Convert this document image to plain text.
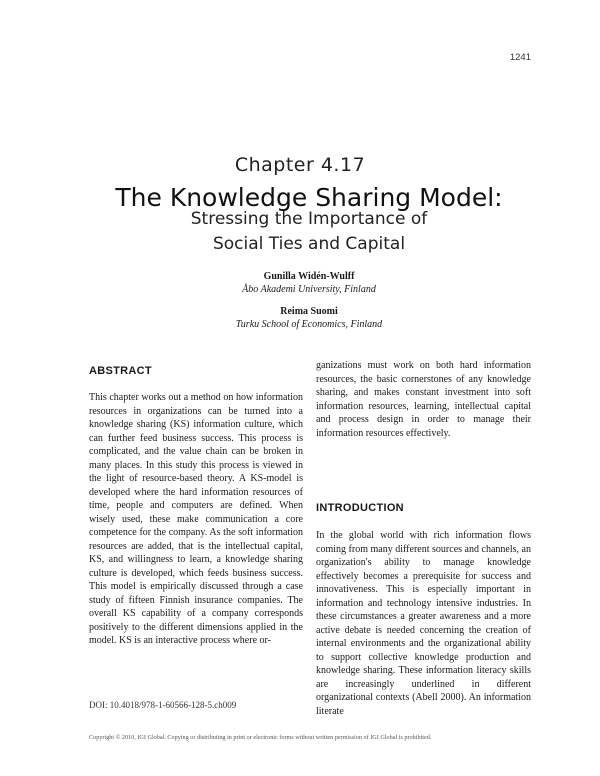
1241
Chapter 4.17
The Knowledge Sharing Model:
Stressing the Importance of
Social Ties and Capital
Gunilla Widén-Wulff
Åbo Akademi University, Finland
Reima Suomi
Turku School of Economics, Finland
ABSTRACT
This chapter works out a method on how information resources in organizations can be turned into a knowledge sharing (KS) information culture, which can further feed business success. This process is complicated, and the value chain can be broken in many places. In this study this process is viewed in the light of resource-based theory. A KS-model is developed where the hard information resources of time, people and computers are defined. When wisely used, these make communication a core competence for the company. As the soft information resources are added, that is the intellectual capital, KS, and willingness to learn, a knowledge sharing culture is developed, which feeds business success. This model is empirically discussed through a case study of fifteen Finnish insurance companies. The overall KS capability of a company corresponds positively to the different dimensions applied in the model. KS is an interactive process where or-
ganizations must work on both hard information resources, the basic cornerstones of any knowledge sharing, and makes constant investment into soft information resources, learning, intellectual capital and process design in order to manage their information resources effectively.
INTRODUCTION
In the global world with rich information flows coming from many different sources and channels, an organization's ability to manage knowledge effectively becomes a prerequisite for success and innovativeness. This is especially important in information and technology intensive industries. In these circumstances a greater awareness and a more active debate is needed concerning the creation of internal environments and the organizational ability to support collective knowledge production and knowledge sharing. These information literacy skills are increasingly underlined in different organizational contexts (Abell 2000). An information literate
DOI: 10.4018/978-1-60566-128-5.ch009
Copyright © 2010, IGI Global. Copying or distributing in print or electronic forms without written permission of IGI Global is prohibited.
